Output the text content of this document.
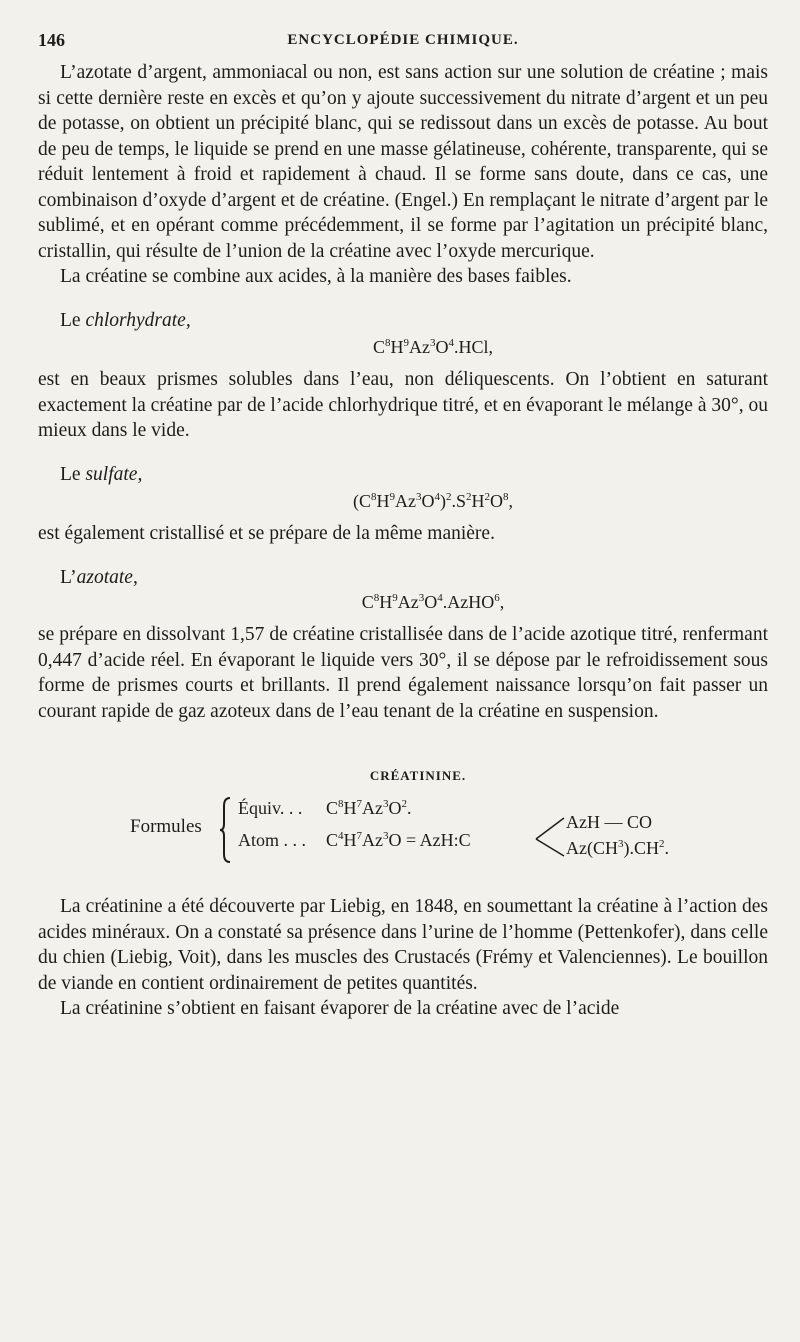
146	ENCYCLOPÉDIE CHIMIQUE.

L’azotate d’argent, ammoniacal ou non, est sans action sur une solution de créatine ; mais si cette dernière reste en excès et qu’on y ajoute successivement du nitrate d’argent et un peu de potasse, on obtient un précipité blanc, qui se redissout dans un excès de potasse. Au bout de peu de temps, le liquide se prend en une masse gélatineuse, cohérente, transparente, qui se réduit lentement à froid et rapidement à chaud. Il se forme sans doute, dans ce cas, une combinaison d’oxyde d’argent et de créatine. (Engel.) En remplaçant le nitrate d’argent par le sublimé, et en opérant comme précédemment, il se forme par l’agitation un précipité blanc, cristallin, qui résulte de l’union de la créatine avec l’oxyde mercurique.

La créatine se combine aux acides, à la manière des bases faibles.

Le chlorhydrate,

$C^8H^9Az^3O^4.HCl$,

est en beaux prismes solubles dans l’eau, non déliquescents. On l’obtient en saturant exactement la créatine par de l’acide chlorhydrique titré, et en évaporant le mélange à 30°, ou mieux dans le vide.

Le sulfate,

$(C^8H^9Az^3O^4)^2.S^2H^2O^8$,

est également cristallisé et se prépare de la même manière.

L’azotate,

$C^8H^9Az^3O^4.AzHO^6$,

se prépare en dissolvant 1,57 de créatine cristallisée dans de l’acide azotique titré, renfermant 0,447 d’acide réel. En évaporant le liquide vers 30°, il se dépose par le refroidissement sous forme de prismes courts et brillants. Il prend également naissance lorsqu’on fait passer un courant rapide de gaz azoteux dans de l’eau tenant de la créatine en suspension.

CRÉATININE.
Formules
Équiv. . . $C^8H^7Az^3O^2$.
Atom . . . $C^4H^7Az^3O$ = AzH:C
AzH — CO
$Az(CH^3).CH^2$.

La créatinine a été découverte par Liebig, en 1848, en soumettant la créatine à l’action des acides minéraux. On a constaté sa présence dans l’urine de l’homme (Pettenkofer), dans celle du chien (Liebig, Voit), dans les muscles des Crustacés (Frémy et Valenciennes). Le bouillon de viande en contient ordinairement de petites quantités.

La créatinine s’obtient en faisant évaporer de la créatine avec de l’acide
